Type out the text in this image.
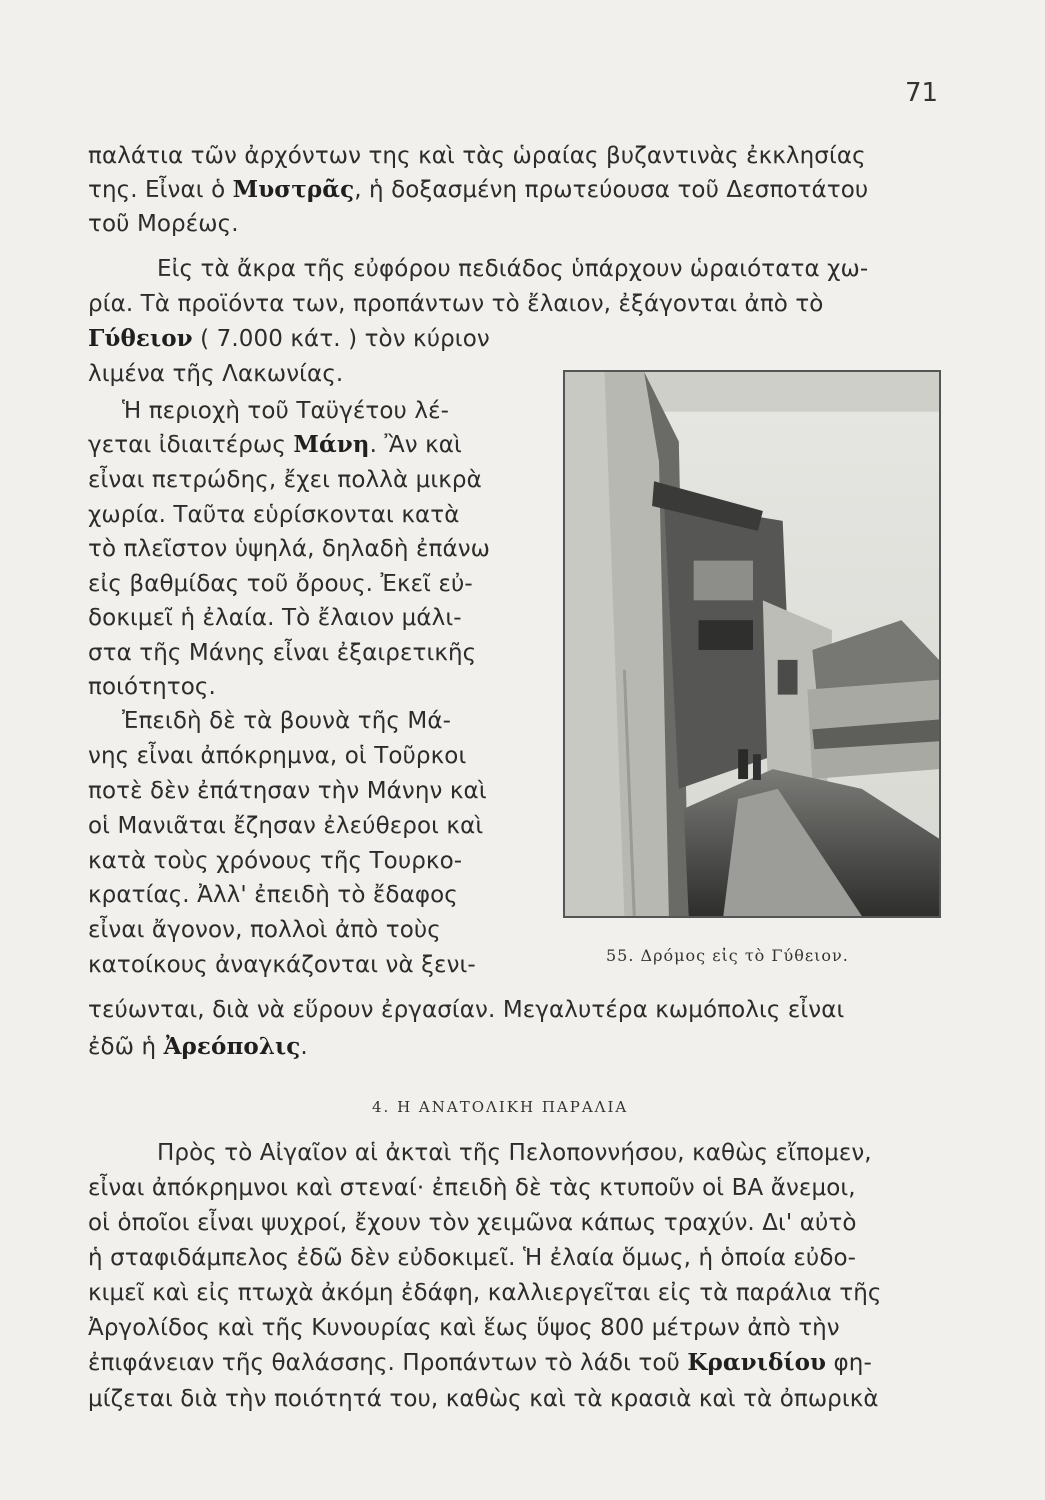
71
παλάτια τῶν ἀρχόντων της καὶ τὰς ὡραίας βυζαντινὰς ἐκκλησίας
της. Εἶναι ὁ Μυστρᾶς, ἡ δοξασμένη πρωτεύουσα τοῦ Δεσποτάτου
τοῦ Μορέως.
Εἰς τὰ ἄκρα τῆς εὐφόρου πεδιάδος ὑπάρχουν ὡραιότατα χω-
ρία. Τὰ προϊόντα των, προπάντων τὸ ἔλαιον, ἐξάγονται ἀπὸ τὸ
Γύθειον ( 7.000 κάτ. ) τὸν κύριον
λιμένα τῆς Λακωνίας.
Ἡ περιοχὴ τοῦ Ταϋγέτου λέ-
γεται ἰδιαιτέρως Μάνη. Ἂν καὶ
εἶναι πετρώδης, ἔχει πολλὰ μικρὰ
χωρία. Ταῦτα εὑρίσκονται κατὰ
τὸ πλεῖστον ὑψηλά, δηλαδὴ ἐπάνω
εἰς βαθμίδας τοῦ ὄρους. Ἐκεῖ εὐ-
δοκιμεῖ ἡ ἐλαία. Τὸ ἔλαιον μάλι-
στα τῆς Μάνης εἶναι ἐξαιρετικῆς
ποιότητος.
Ἐπειδὴ δὲ τὰ βουνὰ τῆς Μά-
νης εἶναι ἀπόκρημνα, οἱ Τοῦρκοι
ποτὲ δὲν ἐπάτησαν τὴν Μάνην καὶ
οἱ Μανιᾶται ἔζησαν ἐλεύθεροι καὶ
κατὰ τοὺς χρόνους τῆς Τουρκο-
κρατίας. Ἀλλ' ἐπειδὴ τὸ ἔδαφος
εἶναι ἄγονον, πολλοὶ ἀπὸ τοὺς
κατοίκους ἀναγκάζονται νὰ ξενι-	55. Δρόμος εἰς τὸ Γύθειον.
τεύωνται, διὰ νὰ εὕρουν ἐργασίαν. Μεγαλυτέρα κωμόπολις εἶναι
ἐδῶ ἡ Ἀρεόπολις.
4. Η ΑΝΑΤΟΛΙΚΗ ΠΑΡΑΛΙΑ
Πρὸς τὸ Αἰγαῖον αἱ ἀκταὶ τῆς Πελοποννήσου, καθὼς εἴπομεν,
εἶναι ἀπόκρημνοι καὶ στεναί· ἐπειδὴ δὲ τὰς κτυποῦν οἱ ΒΑ ἄνεμοι,
οἱ ὁποῖοι εἶναι ψυχροί, ἔχουν τὸν χειμῶνα κάπως τραχύν. Δι' αὐτὸ
ἡ σταφιδάμπελος ἐδῶ δὲν εὐδοκιμεῖ. Ἡ ἐλαία ὅμως, ἡ ὁποία εὐδο-
κιμεῖ καὶ εἰς πτωχὰ ἀκόμη ἐδάφη, καλλιεργεῖται εἰς τὰ παράλια τῆς
Ἀργολίδος καὶ τῆς Κυνουρίας καὶ ἕως ὕψος 800 μέτρων ἀπὸ τὴν
ἐπιφάνειαν τῆς θαλάσσης. Προπάντων τὸ λάδι τοῦ Κρανιδίου φη-
μίζεται διὰ τὴν ποιότητά του, καθὼς καὶ τὰ κρασιὰ καὶ τὰ ὀπωρικὰ
